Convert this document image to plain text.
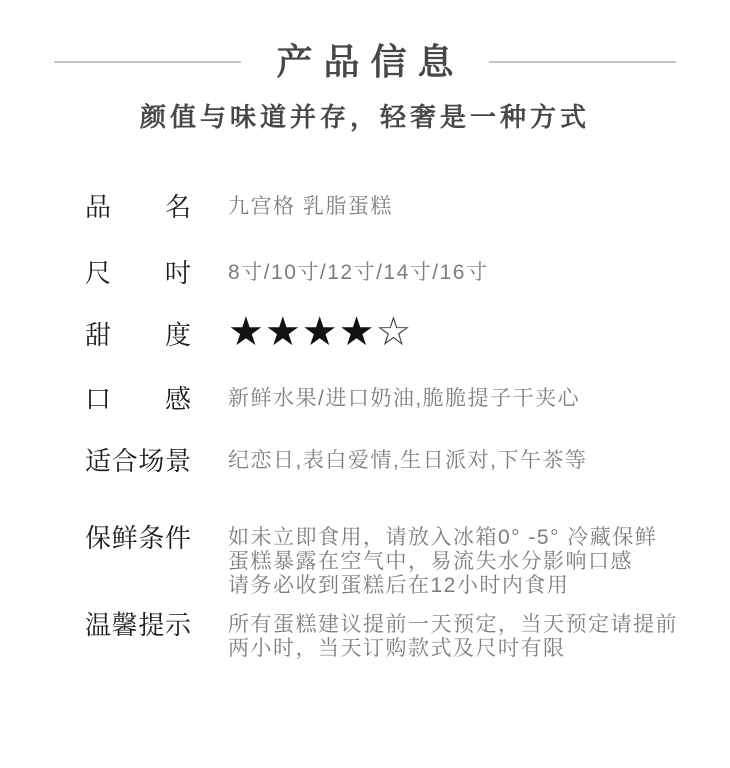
产品信息
颜值与味道并存，轻奢是一种方式
品名 九宫格 乳脂蛋糕
尺吋 8寸/10寸/12寸/14寸/16寸
甜度 ★★★★☆
口感 新鲜水果/进口奶油,脆脆提子干夹心
适合场景 纪恋日,表白爱情,生日派对,下午茶等
保鲜条件 如未立即食用，请放入冰箱0° -5° 冷藏保鲜
蛋糕暴露在空气中，易流失水分影响口感
请务必收到蛋糕后在12小时内食用
温馨提示 所有蛋糕建议提前一天预定，当天预定请提前
两小时，当天订购款式及尺吋有限
